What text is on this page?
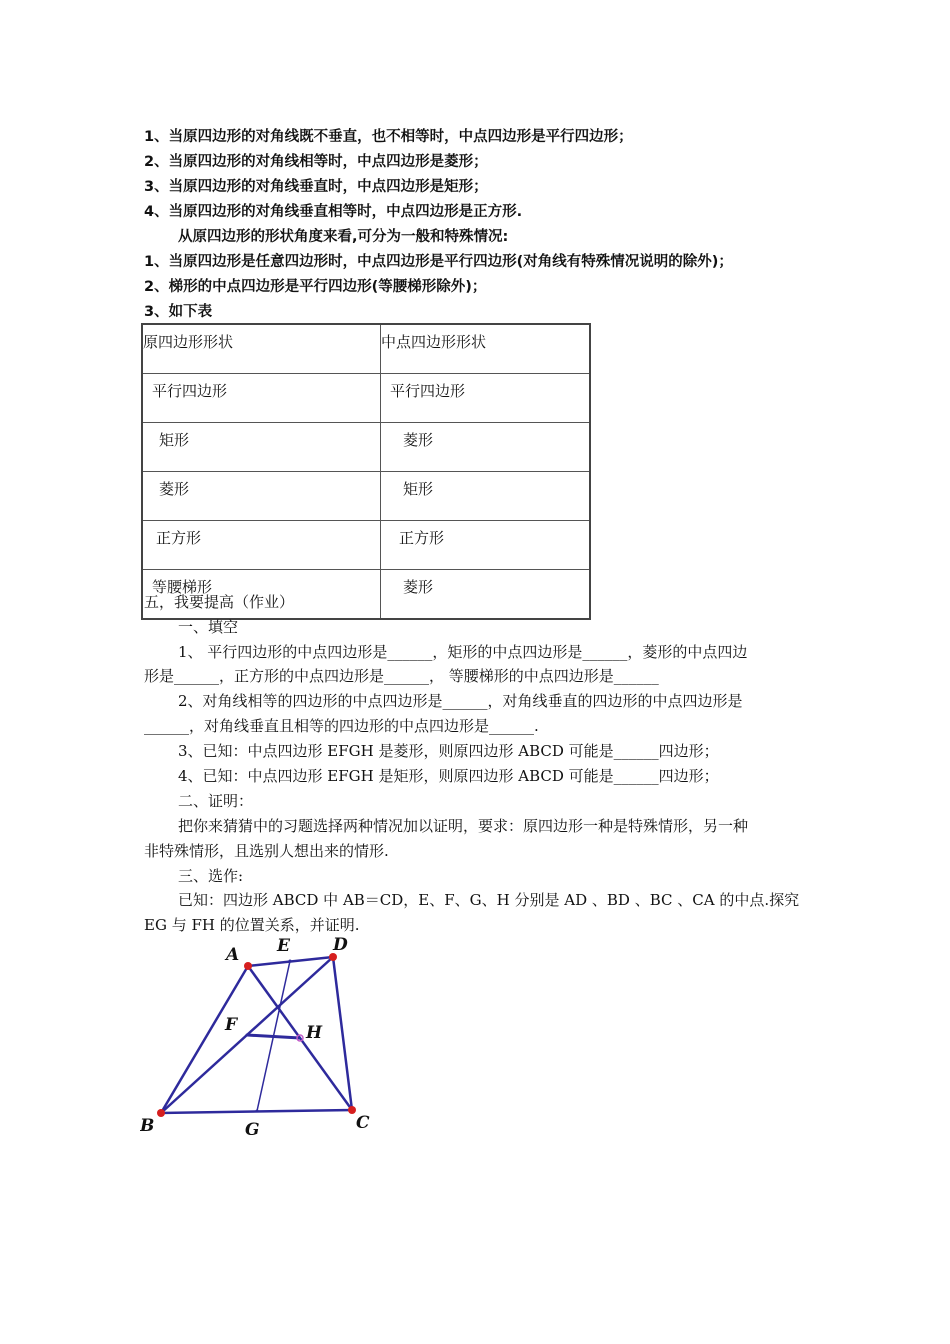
1、当原四边形的对角线既不垂直，也不相等时，中点四边形是平行四边形；
2、当原四边形的对角线相等时，中点四边形是菱形；
3、当原四边形的对角线垂直时，中点四边形是矩形；
4、当原四边形的对角线垂直相等时，中点四边形是正方形.
从原四边形的形状角度来看,可分为一般和特殊情况:
1、当原四边形是任意四边形时，中点四边形是平行四边形(对角线有特殊情况说明的除外)；
2、梯形的中点四边形是平行四边形(等腰梯形除外)；
3、如下表
原四边形形状	中点四边形形状
平行四边形	平行四边形
矩形	菱形
菱形	矩形
正方形	正方形
等腰梯形	菱形
五，我要提高（作业）
一、填空
1、 平行四边形的中点四边形是______，矩形的中点四边形是______，菱形的中点四边
形是______，正方形的中点四边形是______， 等腰梯形的中点四边形是______
2、对角线相等的四边形的中点四边形是______，对角线垂直的四边形的中点四边形是
______，对角线垂直且相等的四边形的中点四边形是______.
3、已知：中点四边形 EFGH 是菱形，则原四边形 ABCD 可能是______四边形；
4、已知：中点四边形 EFGH 是矩形，则原四边形 ABCD 可能是______四边形；
二、证明：
把你来猜猜中的习题选择两种情况加以证明，要求：原四边形一种是特殊情形，另一种
非特殊情形，且选别人想出来的情形.
三、选作:
已知：四边形 ABCD 中 AB＝CD，E、F、G、H 分别是 AD 、BD 、BC 、CA 的中点.探究
EG 与 FH 的位置关系，并证明.
A E	D
F	H
B	G	C
